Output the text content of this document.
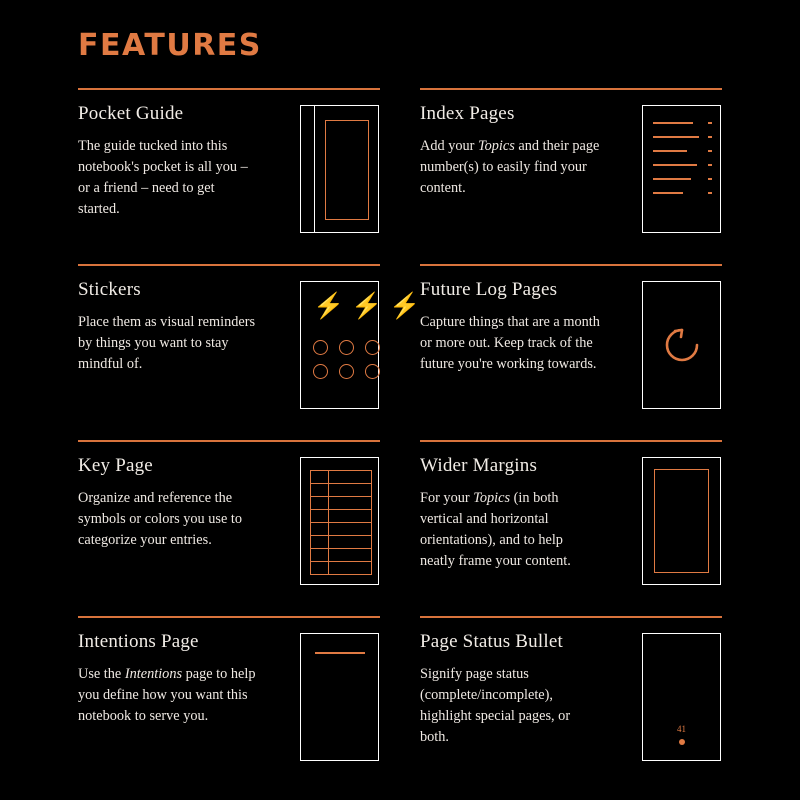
FEATURES
Pocket Guide
The guide tucked into this notebook's pocket is all you – or a friend – need to get started.
Index Pages
Add your Topics and their page number(s) to easily find your content.
Stickers
Place them as visual reminders by things you want to stay mindful of.
⚡ ⚡ ⚡
Future Log Pages
Capture things that are a month or more out. Keep track of the future you're working towards.
Key Page
Organize and reference the symbols or colors you use to categorize your entries.
Wider Margins
For your Topics (in both vertical and horizontal orientations), and to help neatly frame your content.
Intentions Page
Use the Intentions page to help you define how you want this notebook to serve you.
Page Status Bullet
Signify page status (complete/incomplete), highlight special pages, or both.
41
